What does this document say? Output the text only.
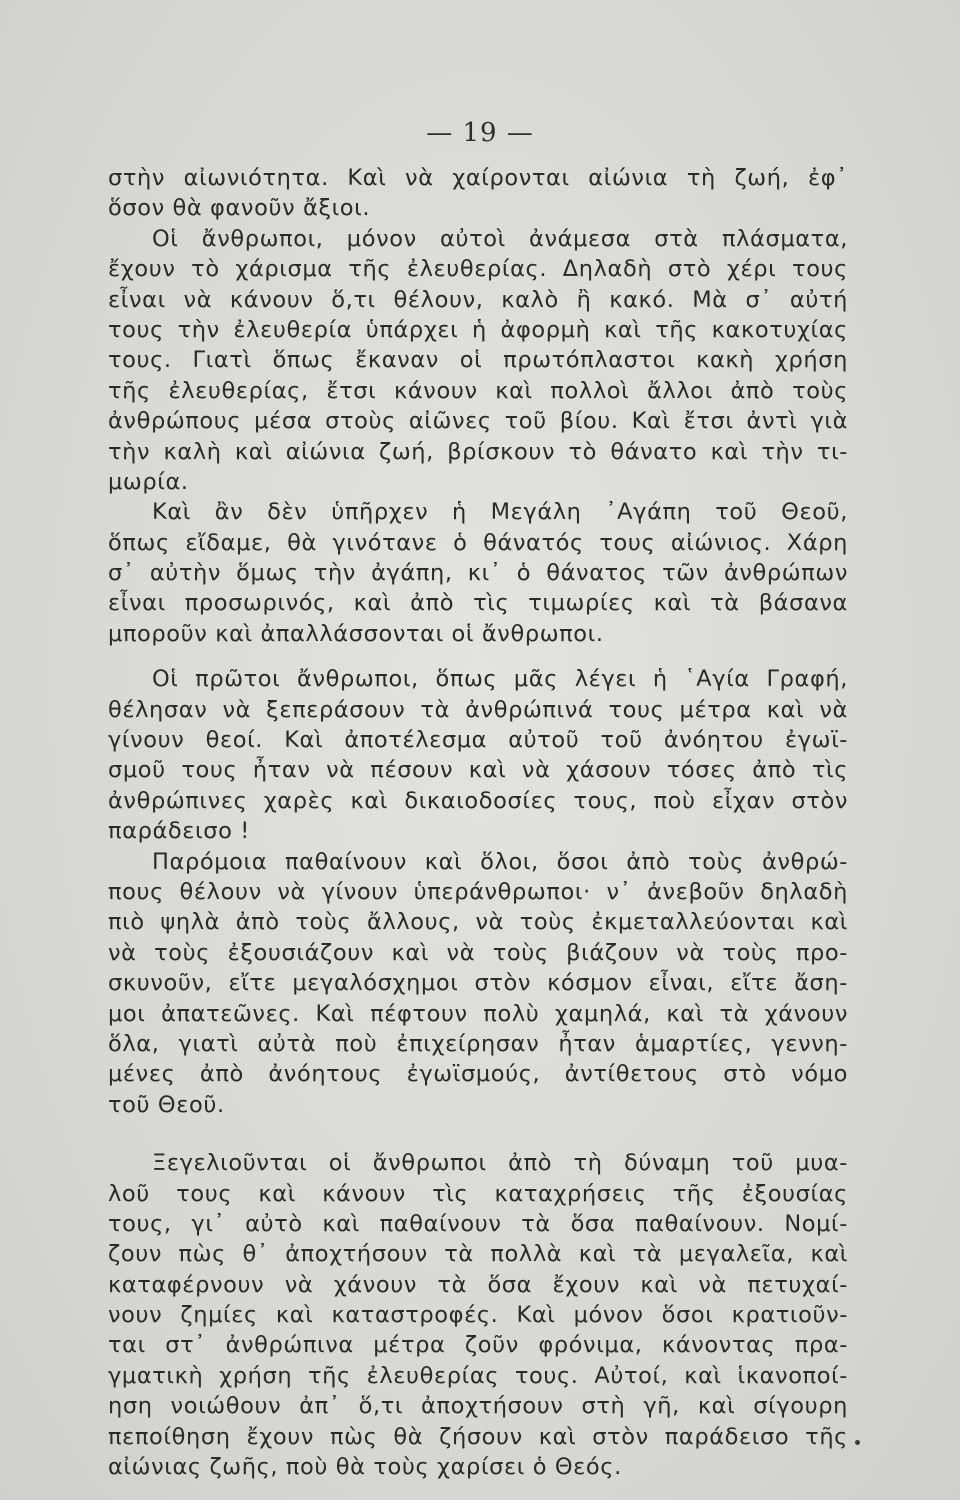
— 19 —
στὴν αἰωνιότητα. Καὶ νὰ χαίρονται αἰώνια τὴ ζωή, ἐφ᾿
ὅσον θὰ φανοῦν ἄξιοι.
Οἱ ἄνθρωποι, μόνον αὐτοὶ ἀνάμεσα στὰ πλάσματα,
ἔχουν τὸ χάρισμα τῆς ἐλευθερίας. Δηλαδὴ στὸ χέρι τους
εἶναι νὰ κάνουν ὅ,τι θέλουν, καλὸ ἢ κακό. Μὰ σ᾿ αὐτή
τους τὴν ἐλευθερία ὑπάρχει ἡ ἀφορμὴ καὶ τῆς κακοτυχίας
τους. Γιατὶ ὅπως ἔκαναν οἱ πρωτόπλαστοι κακὴ χρήση
τῆς ἐλευθερίας, ἔτσι κάνουν καὶ πολλοὶ ἄλλοι ἀπὸ τοὺς
ἀνθρώπους μέσα στοὺς αἰῶνες τοῦ βίου. Καὶ ἔτσι ἀντὶ γιὰ
τὴν καλὴ καὶ αἰώνια ζωή, βρίσκουν τὸ θάνατο καὶ τὴν τι-
μωρία.
Καὶ ἂν δὲν ὑπῆρχεν ἡ Μεγάλη ᾿Αγάπη τοῦ Θεοῦ,
ὅπως εἴδαμε, θὰ γινότανε ὁ θάνατός τους αἰώνιος. Χάρη
σ᾿ αὐτὴν ὅμως τὴν ἀγάπη, κι᾿ ὁ θάνατος τῶν ἀνθρώπων
εἶναι προσωρινός, καὶ ἀπὸ τὶς τιμωρίες καὶ τὰ βάσανα
μποροῦν καὶ ἀπαλλάσσονται οἱ ἄνθρωποι.
Οἱ πρῶτοι ἄνθρωποι, ὅπως μᾶς λέγει ἡ ῾Αγία Γραφή,
θέλησαν νὰ ξεπεράσουν τὰ ἀνθρώπινά τους μέτρα καὶ νὰ
γίνουν θεοί. Καὶ ἀποτέλεσμα αὐτοῦ τοῦ ἀνόητου ἐγωϊ-
σμοῦ τους ἦταν νὰ πέσουν καὶ νὰ χάσουν τόσες ἀπὸ τὶς
ἀνθρώπινες χαρὲς καὶ δικαιοδοσίες τους, ποὺ εἶχαν στὸν
παράδεισο !
Παρόμοια παθαίνουν καὶ ὅλοι, ὅσοι ἀπὸ τοὺς ἀνθρώ-
πους θέλουν νὰ γίνουν ὑπεράνθρωποι· ν᾿ ἀνεβοῦν δηλαδὴ
πιὸ ψηλὰ ἀπὸ τοὺς ἄλλους, νὰ τοὺς ἐκμεταλλεύονται καὶ
νὰ τοὺς ἐξουσιάζουν καὶ νὰ τοὺς βιάζουν νὰ τοὺς προ-
σκυνοῦν, εἴτε μεγαλόσχημοι στὸν κόσμον εἶναι, εἴτε ἄση-
μοι ἀπατεῶνες. Καὶ πέφτουν πολὺ χαμηλά, καὶ τὰ χάνουν
ὅλα, γιατὶ αὐτὰ ποὺ ἐπιχείρησαν ἦταν ἁμαρτίες, γεννη-
μένες ἀπὸ ἀνόητους ἐγωϊσμούς, ἀντίθετους στὸ νόμο
τοῦ Θεοῦ.
Ξεγελιοῦνται οἱ ἄνθρωποι ἀπὸ τὴ δύναμη τοῦ μυα-
λοῦ τους καὶ κάνουν τὶς καταχρήσεις τῆς ἐξουσίας
τους, γι᾿ αὐτὸ καὶ παθαίνουν τὰ ὅσα παθαίνουν. Νομί-
ζουν πὼς θ᾿ ἀποχτήσουν τὰ πολλὰ καὶ τὰ μεγαλεῖα, καὶ
καταφέρνουν νὰ χάνουν τὰ ὅσα ἔχουν καὶ νὰ πετυχαί-
νουν ζημίες καὶ καταστροφές. Καὶ μόνον ὅσοι κρατιοῦν-
ται στ᾿ ἀνθρώπινα μέτρα ζοῦν φρόνιμα, κάνοντας πρα-
γματικὴ χρήση τῆς ἐλευθερίας τους. Αὐτοί, καὶ ἱκανοποί-
ηση νοιώθουν ἀπ᾿ ὅ,τι ἀποχτήσουν στὴ γῆ, καὶ σίγουρη
πεποίθηση ἔχουν πὼς θὰ ζήσουν καὶ στὸν παράδεισο τῆς
αἰώνιας ζωῆς, ποὺ θὰ τοὺς χαρίσει ὁ Θεός.
